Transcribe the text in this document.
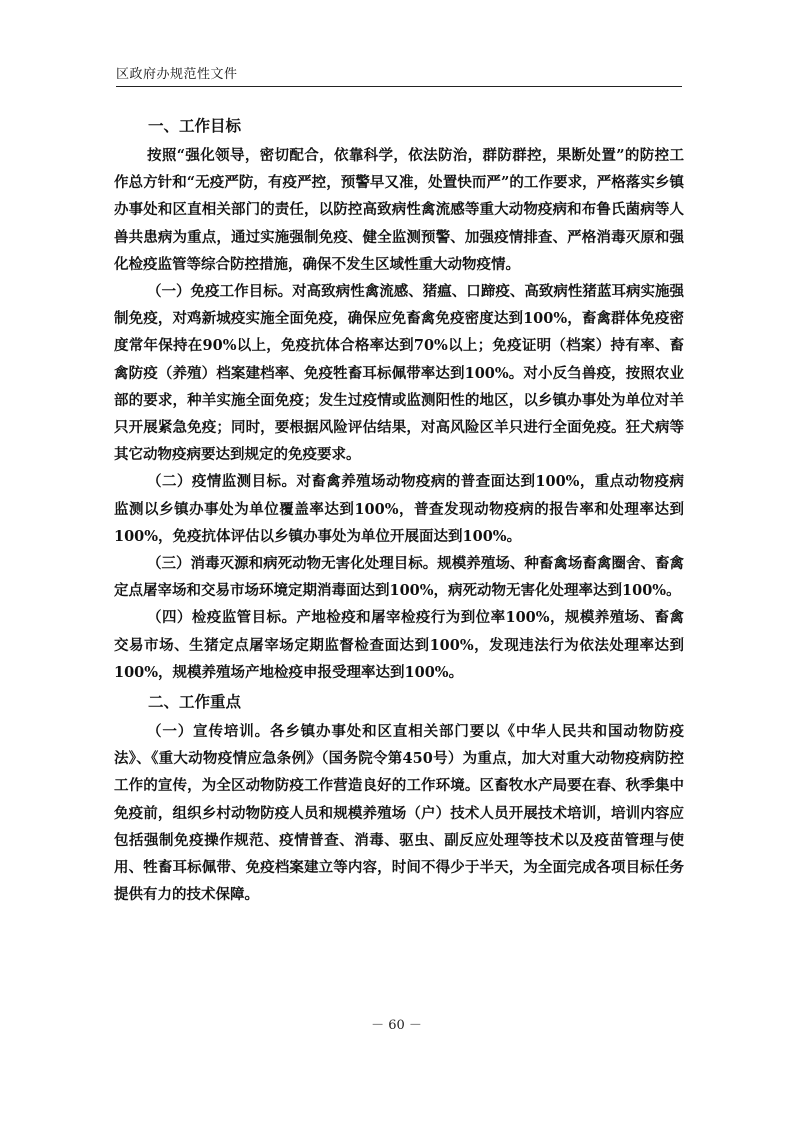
区政府办规范性文件
一、工作目标

按照“强化领导，密切配合，依靠科学，依法防治，群防群控，果断处置”的防控工作总方针和“无疫严防，有疫严控，预警早又准，处置快而严”的工作要求，严格落实乡镇办事处和区直相关部门的责任，以防控高致病性禽流感等重大动物疫病和布鲁氏菌病等人兽共患病为重点，通过实施强制免疫、健全监测预警、加强疫情排查、严格消毒灭原和强化检疫监管等综合防控措施，确保不发生区域性重大动物疫情。

（一）免疫工作目标。对高致病性禽流感、猪瘟、口蹄疫、高致病性猪蓝耳病实施强制免疫，对鸡新城疫实施全面免疫，确保应免畜禽免疫密度达到100%，畜禽群体免疫密度常年保持在90%以上，免疫抗体合格率达到70%以上；免疫证明（档案）持有率、畜禽防疫（养殖）档案建档率、免疫牲畜耳标佩带率达到100%。对小反刍兽疫，按照农业部的要求，种羊实施全面免疫；发生过疫情或监测阳性的地区，以乡镇办事处为单位对羊只开展紧急免疫；同时，要根据风险评估结果，对高风险区羊只进行全面免疫。狂犬病等其它动物疫病要达到规定的免疫要求。

（二）疫情监测目标。对畜禽养殖场动物疫病的普查面达到100%，重点动物疫病监测以乡镇办事处为单位覆盖率达到100%，普查发现动物疫病的报告率和处理率达到100%，免疫抗体评估以乡镇办事处为单位开展面达到100%。

（三）消毒灭源和病死动物无害化处理目标。规模养殖场、种畜禽场畜禽圈舍、畜禽定点屠宰场和交易市场环境定期消毒面达到100%，病死动物无害化处理率达到100%。

（四）检疫监管目标。产地检疫和屠宰检疫行为到位率100%，规模养殖场、畜禽交易市场、生猪定点屠宰场定期监督检查面达到100%，发现违法行为依法处理率达到100%，规模养殖场产地检疫申报受理率达到100%。

二、工作重点

（一）宣传培训。各乡镇办事处和区直相关部门要以《中华人民共和国动物防疫法》、《重大动物疫情应急条例》（国务院令第450号）为重点，加大对重大动物疫病防控工作的宣传，为全区动物防疫工作营造良好的工作环境。区畜牧水产局要在春、秋季集中免疫前，组织乡村动物防疫人员和规模养殖场（户）技术人员开展技术培训，培训内容应包括强制免疫操作规范、疫情普查、消毒、驱虫、副反应处理等技术以及疫苗管理与使用、牲畜耳标佩带、免疫档案建立等内容，时间不得少于半天，为全面完成各项目标任务提供有力的技术保障。

－ 60 －
